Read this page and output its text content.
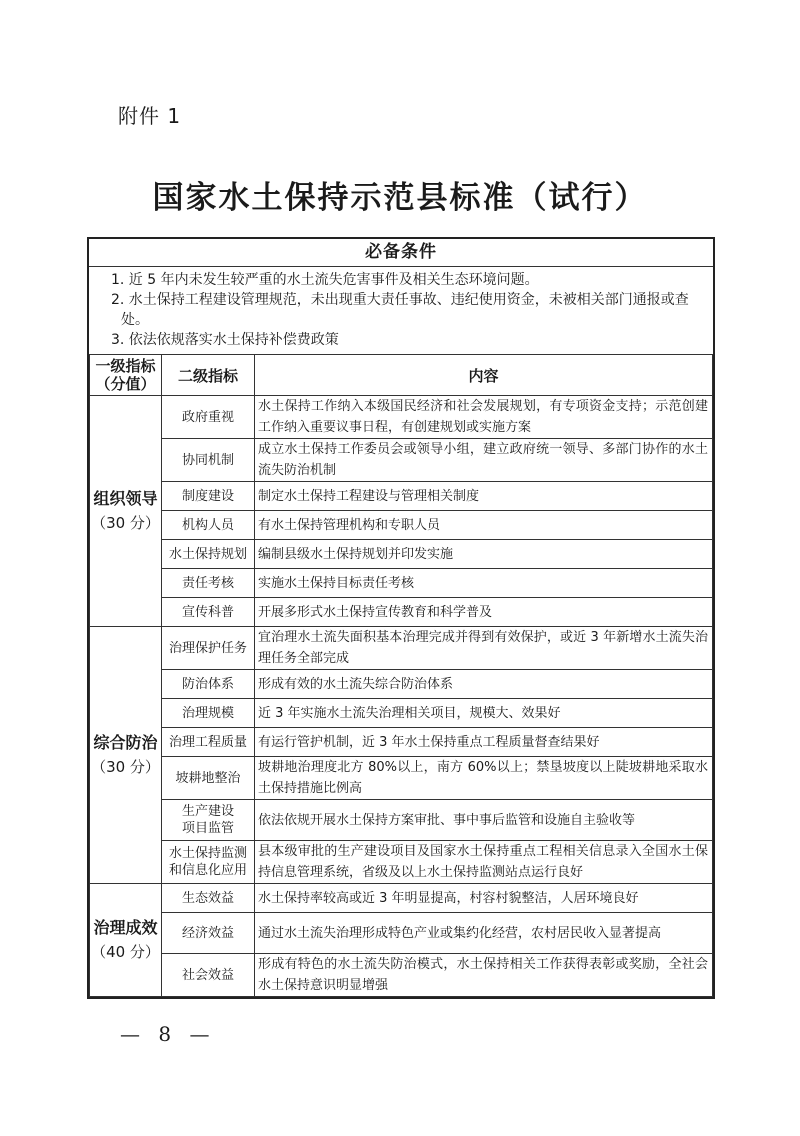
附件 1
国家水土保持示范县标准（试行）
必备条件
1. 近 5 年内未发生较严重的水土流失危害事件及相关生态环境问题。
2. 水土保持工程建设管理规范，未出现重大责任事故、违纪使用资金，未被相关部门通报或查处。
3. 依法依规落实水土保持补偿费政策
一级指标
（分值）	二级指标	内容

组织领导
（30 分）	政府重视	水土保持工作纳入本级国民经济和社会发展规划，有专项资金支持；示范创建工作纳入重要议事日程，有创建规划或实施方案
	协同机制	成立水土保持工作委员会或领导小组，建立政府统一领导、多部门协作的水土流失防治机制
	制度建设	制定水土保持工程建设与管理相关制度
	机构人员	有水土保持管理机构和专职人员
	水土保持规划	编制县级水土保持规划并印发实施
	责任考核	实施水土保持目标责任考核
	宣传科普	开展多形式水土保持宣传教育和科学普及

综合防治
（30 分）	治理保护任务	宜治理水土流失面积基本治理完成并得到有效保护，或近 3 年新增水土流失治理任务全部完成
	防治体系	形成有效的水土流失综合防治体系
	治理规模	近 3 年实施水土流失治理相关项目，规模大、效果好
	治理工程质量	有运行管护机制，近 3 年水土保持重点工程质量督查结果好
	坡耕地整治	坡耕地治理度北方 80%以上，南方 60%以上；禁垦坡度以上陡坡耕地采取水土保持措施比例高

	生产建设
项目监管	依法依规开展水土保持方案审批、事中事后监管和设施自主验收等

	水土保持监测
和信息化应用	县本级审批的生产建设项目及国家水土保持重点工程相关信息录入全国水土保持信息管理系统，省级及以上水土保持监测站点运行良好

治理成效
（40 分）	生态效益	水土保持率较高或近 3 年明显提高，村容村貌整洁，人居环境良好
	经济效益	通过水土流失治理形成特色产业或集约化经营，农村居民收入显著提高
	社会效益	形成有特色的水土流失防治模式，水土保持相关工作获得表彰或奖励，全社会水土保持意识明显增强
— 8 —
